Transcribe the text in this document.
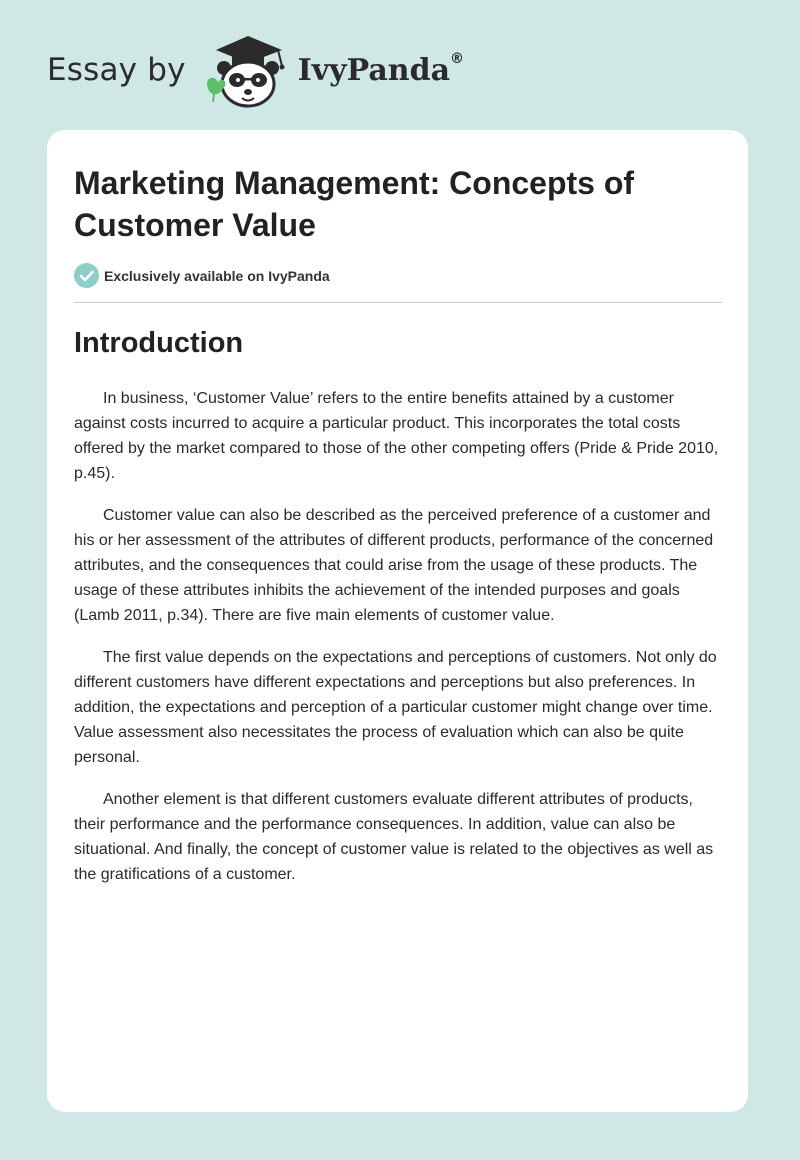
Essay by	IvyPanda®
Marketing Management: Concepts of Customer Value
Exclusively available on IvyPanda
Introduction

In business, ‘Customer Value’ refers to the entire benefits attained by a customer against costs incurred to acquire a particular product. This incorporates the total costs offered by the market compared to those of the other competing offers (Pride & Pride 2010, p.45).

Customer value can also be described as the perceived preference of a customer and his or her assessment of the attributes of different products, performance of the concerned attributes, and the consequences that could arise from the usage of these products. The usage of these attributes inhibits the achievement of the intended purposes and goals (Lamb 2011, p.34). There are five main elements of customer value.

The first value depends on the expectations and perceptions of customers. Not only do different customers have different expectations and perceptions but also preferences. In addition, the expectations and perception of a particular customer might change over time. Value assessment also necessitates the process of evaluation which can also be quite personal.

Another element is that different customers evaluate different attributes of products, their performance and the performance consequences. In addition, value can also be situational. And finally, the concept of customer value is related to the objectives as well as the gratifications of a customer.
